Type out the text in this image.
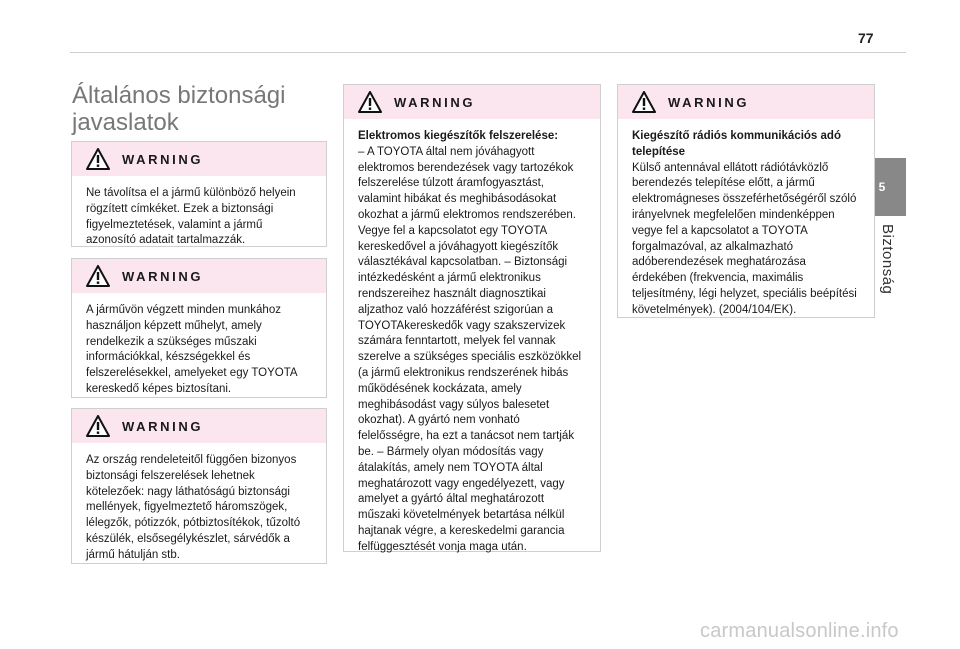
77
5
Biztonság
Általános biztonsági javaslatok
WARNING

Ne távolítsa el a jármű különböző helyein rögzített címkéket. Ezek a biztonsági figyelmeztetések, valamint a jármű azonosító adatait tartalmazzák.

WARNING

A járművön végzett minden munkához használjon képzett műhelyt, amely rendelkezik a szükséges műszaki információkkal, készségekkel és felszerelésekkel, amelyeket egy TOYOTA kereskedő képes biztosítani.

WARNING

Az ország rendeleteitől függően bizonyos biztonsági felszerelések lehetnek kötelezőek: nagy láthatóságú biztonsági mellények, figyelmeztető háromszögek, lélegzők, pótizzók, pótbiztosítékok, tűzoltó készülék, elsősegélykészlet, sárvédők a jármű hátulján stb.

WARNING

Elektromos kiegészítők felszerelése:

– A TOYOTA által nem jóváhagyott elektromos berendezések vagy tartozékok felszerelése túlzott áramfogyasztást, valamint hibákat és meghibásodásokat okozhat a jármű elektromos rendszerében. Vegye fel a kapcsolatot egy TOYOTA kereskedővel a jóváhagyott kiegészítők választékával kapcsolatban. – Biztonsági intézkedésként a jármű elektronikus rendszereihez használt diagnosztikai aljzathoz való hozzáférést szigorúan a TOYOTAkereskedők vagy szakszervizek számára fenntartott, melyek fel vannak szerelve a szükséges speciális eszközökkel (a jármű elektronikus rendszerének hibás működésének kockázata, amely meghibásodást vagy súlyos balesetet okozhat). A gyártó nem vonható felelősségre, ha ezt a tanácsot nem tartják be. – Bármely olyan módosítás vagy átalakítás, amely nem TOYOTA által meghatározott vagy engedélyezett, vagy amelyet a gyártó által meghatározott műszaki követelmények betartása nélkül hajtanak végre, a kereskedelmi garancia felfüggesztését vonja maga után.

WARNING

Kiegészítő rádiós kommunikációs adó telepítése

Külső antennával ellátott rádiótávközlő berendezés telepítése előtt, a jármű elektromágneses összeférhetőségéről szóló irányelvnek megfelelően mindenképpen vegye fel a kapcsolatot a TOYOTA forgalmazóval, az alkalmazható adóberendezések meghatározása érdekében (frekvencia, maximális teljesítmény, légi helyzet, speciális beépítési követelmények). (2004/104/EK).

carmanualsonline.info
